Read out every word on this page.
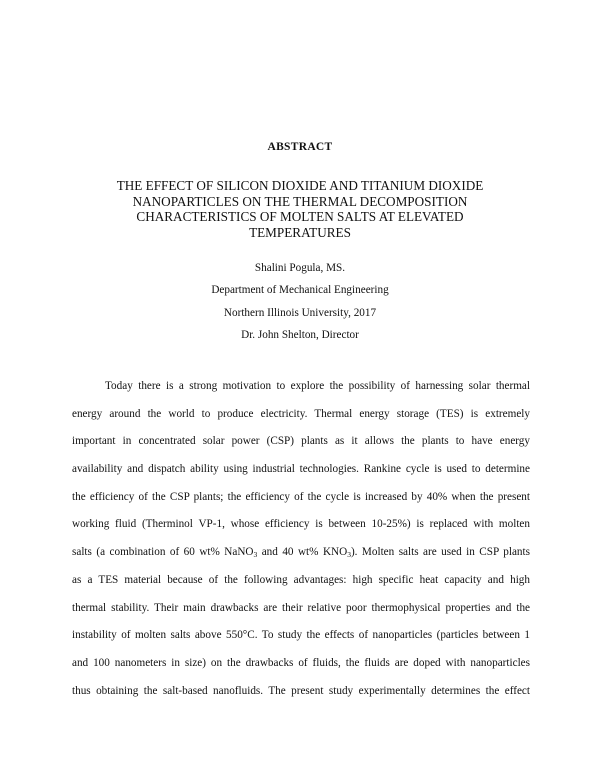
ABSTRACT
THE EFFECT OF SILICON DIOXIDE AND TITANIUM DIOXIDE
NANOPARTICLES ON THE THERMAL DECOMPOSITION
CHARACTERISTICS OF MOLTEN SALTS AT ELEVATED
TEMPERATURES
Shalini Pogula, MS.
Department of Mechanical Engineering
Northern Illinois University, 2017
Dr. John Shelton, Director
Today there is a strong motivation to explore the possibility of harnessing solar thermal
energy around the world to produce electricity. Thermal energy storage (TES) is extremely
important in concentrated solar power (CSP) plants as it allows the plants to have energy
availability and dispatch ability using industrial technologies. Rankine cycle is used to determine
the efficiency of the CSP plants; the efficiency of the cycle is increased by 40% when the present
working fluid (Therminol VP-1, whose efficiency is between 10-25%) is replaced with molten
salts (a combination of 60 wt% NaNO$_3$ and 40 wt% $KNO_3$). Molten salts are used in CSP plants
as a TES material because of the following advantages: high specific heat capacity and high
thermal stability. Their main drawbacks are their relative poor thermophysical properties and the
instability of molten salts above 550°C. To study the effects of nanoparticles (particles between 1
and 100 nanometers in size) on the drawbacks of fluids, the fluids are doped with nanoparticles
thus obtaining the salt-based nanofluids. The present study experimentally determines the effect
